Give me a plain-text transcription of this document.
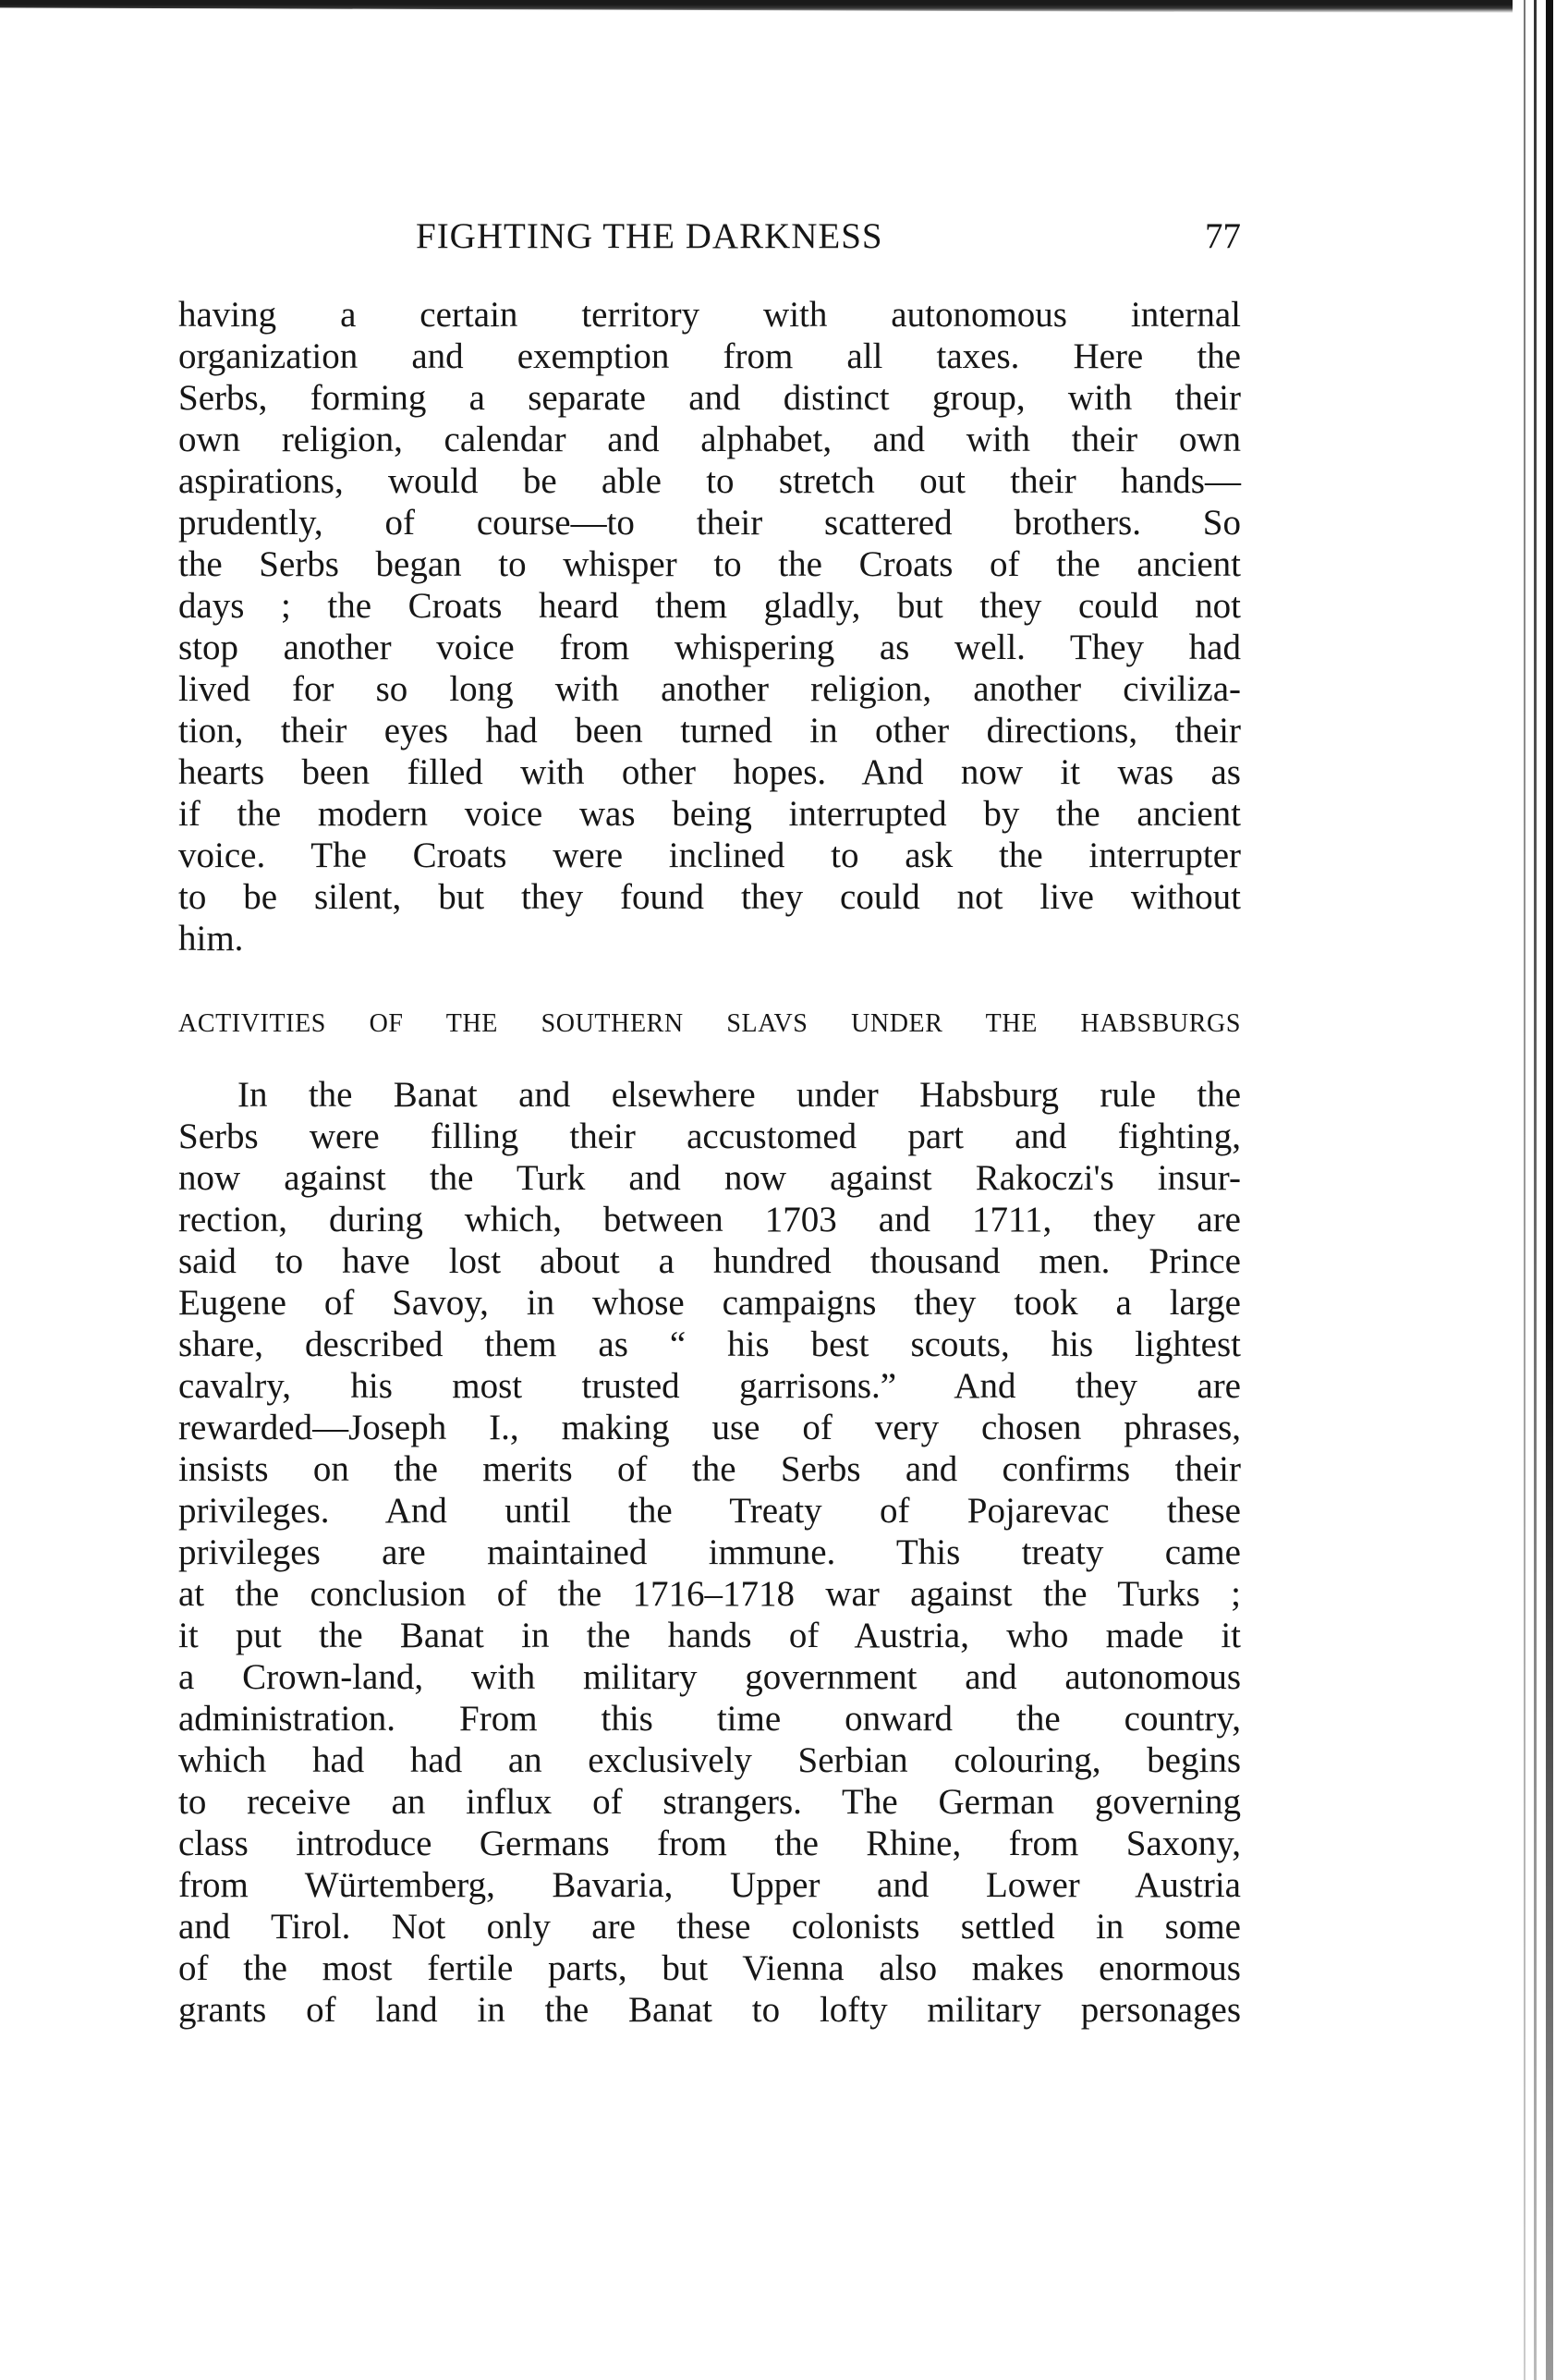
FIGHTING THE DARKNESS	77
having a certain territory with autonomous internal
organization and exemption from all taxes. Here the
Serbs, forming a separate and distinct group, with their
own religion, calendar and alphabet, and with their own
aspirations, would be able to stretch out their hands—
prudently, of course—to their scattered brothers. So
the Serbs began to whisper to the Croats of the ancient
days ; the Croats heard them gladly, but they could not
stop another voice from whispering as well. They had
lived for so long with another religion, another civiliza-
tion, their eyes had been turned in other directions, their
hearts been filled with other hopes. And now it was as
if the modern voice was being interrupted by the ancient
voice. The Croats were inclined to ask the interrupter
to be silent, but they found they could not live without
him.
ACTIVITIES OF THE SOUTHERN SLAVS UNDER THE HABSBURGS
In the Banat and elsewhere under Habsburg rule the
Serbs were filling their accustomed part and fighting,
now against the Turk and now against Rakoczi's insur-
rection, during which, between 1703 and 1711, they are
said to have lost about a hundred thousand men. Prince
Eugene of Savoy, in whose campaigns they took a large
share, described them as “ his best scouts, his lightest
cavalry, his most trusted garrisons.” And they are
rewarded—Joseph I., making use of very chosen phrases,
insists on the merits of the Serbs and confirms their
privileges. And until the Treaty of Pojarevac these
privileges are maintained immune. This treaty came
at the conclusion of the 1716–1718 war against the Turks ;
it put the Banat in the hands of Austria, who made it
a Crown-land, with military government and autonomous
administration. From this time onward the country,
which had had an exclusively Serbian colouring, begins
to receive an influx of strangers. The German governing
class introduce Germans from the Rhine, from Saxony,
from Würtemberg, Bavaria, Upper and Lower Austria
and Tirol. Not only are these colonists settled in some
of the most fertile parts, but Vienna also makes enormous
grants of land in the Banat to lofty military personages
